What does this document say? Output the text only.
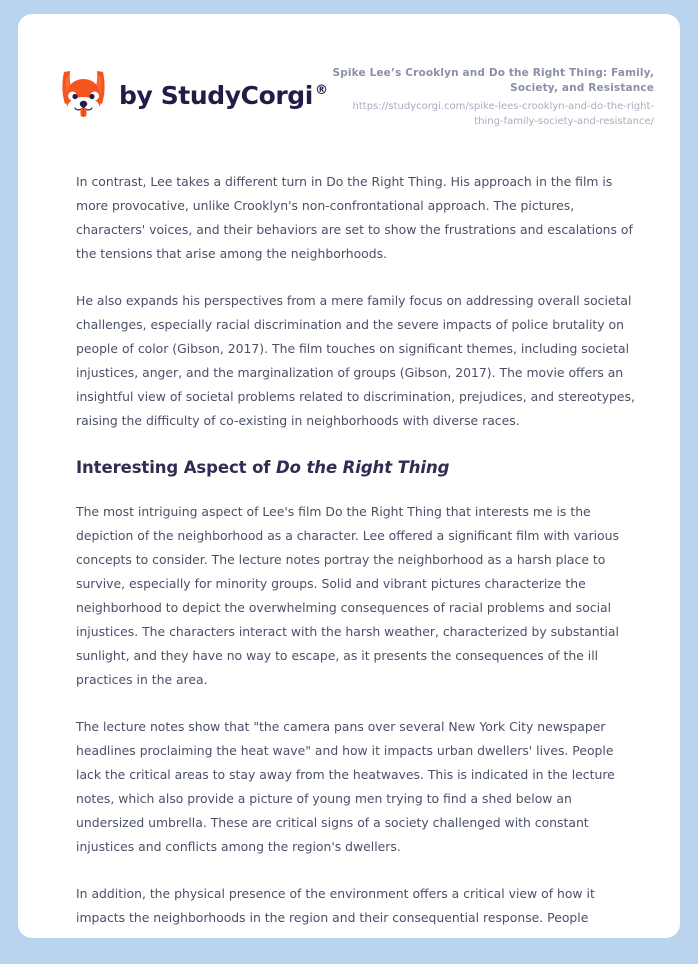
by StudyCorgi ®

Spike Lee’s Crooklyn and Do the Right Thing: Family, Society, and Resistance

https://studycorgi.com/spike-lees-crooklyn-and-do-the-right-thing-family-society-and-resistance/

In contrast, Lee takes a different turn in Do the Right Thing. His approach in the film is more provocative, unlike Crooklyn's non-confrontational approach. The pictures, characters' voices, and their behaviors are set to show the frustrations and escalations of the tensions that arise among the neighborhoods.

He also expands his perspectives from a mere family focus on addressing overall societal challenges, especially racial discrimination and the severe impacts of police brutality on people of color (Gibson, 2017). The film touches on significant themes, including societal injustices, anger, and the marginalization of groups (Gibson, 2017). The movie offers an insightful view of societal problems related to discrimination, prejudices, and stereotypes, raising the difficulty of co-existing in neighborhoods with diverse races.

Interesting Aspect of Do the Right Thing

The most intriguing aspect of Lee's film Do the Right Thing that interests me is the depiction of the neighborhood as a character. Lee offered a significant film with various concepts to consider. The lecture notes portray the neighborhood as a harsh place to survive, especially for minority groups. Solid and vibrant pictures characterize the neighborhood to depict the overwhelming consequences of racial problems and social injustices. The characters interact with the harsh weather, characterized by substantial sunlight, and they have no way to escape, as it presents the consequences of the ill practices in the area.

The lecture notes show that "the camera pans over several New York City newspaper headlines proclaiming the heat wave" and how it impacts urban dwellers' lives. People lack the critical areas to stay away from the heatwaves. This is indicated in the lecture notes, which also provide a picture of young men trying to find a shed below an undersized umbrella. These are critical signs of a society challenged with constant injustices and conflicts among the region's dwellers.

In addition, the physical presence of the environment offers a critical view of how it impacts the neighborhoods in the region and their consequential response. People
